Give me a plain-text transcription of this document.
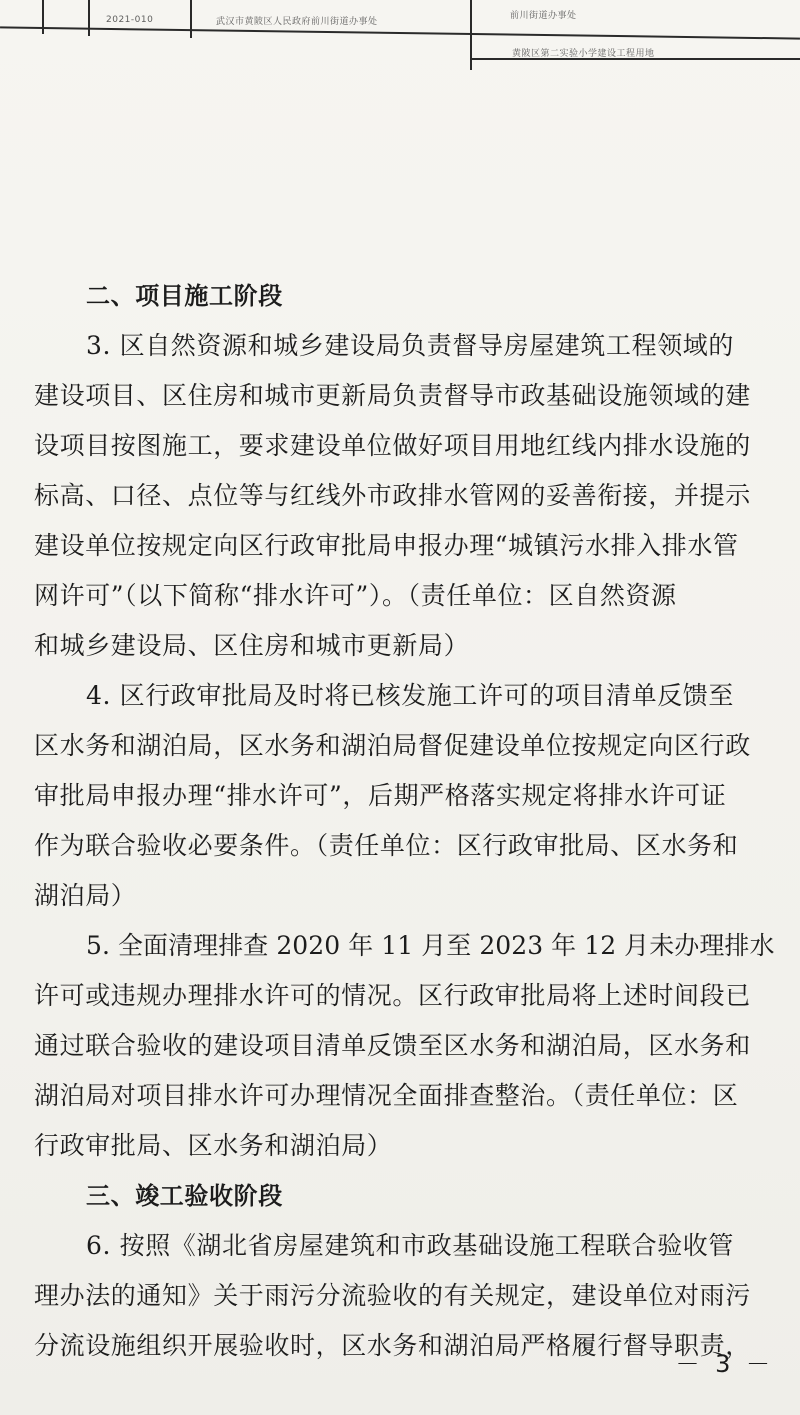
2021-010	武汉市黄陂区人民政府前川街道办事处
前川街道办事处
黄陂区第二实验小学建设工程用地
二、项目施工阶段
3. 区自然资源和城乡建设局负责督导房屋建筑工程领域的
建设项目、区住房和城市更新局负责督导市政基础设施领域的建
设项目按图施工，要求建设单位做好项目用地红线内排水设施的
标高、口径、点位等与红线外市政排水管网的妥善衔接，并提示
建设单位按规定向区行政审批局申报办理“城镇污水排入排水管
网许可”（以下简称“排水许可”）。（责任单位：区自然资源
和城乡建设局、区住房和城市更新局）
4. 区行政审批局及时将已核发施工许可的项目清单反馈至
区水务和湖泊局，区水务和湖泊局督促建设单位按规定向区行政
审批局申报办理“排水许可”，后期严格落实规定将排水许可证
作为联合验收必要条件。（责任单位：区行政审批局、区水务和
湖泊局）
5. 全面清理排查 2020 年 11 月至 2023 年 12 月未办理排水
许可或违规办理排水许可的情况。区行政审批局将上述时间段已
通过联合验收的建设项目清单反馈至区水务和湖泊局，区水务和
湖泊局对项目排水许可办理情况全面排查整治。（责任单位：区
行政审批局、区水务和湖泊局）
三、竣工验收阶段
6. 按照《湖北省房屋建筑和市政基础设施工程联合验收管
理办法的通知》关于雨污分流验收的有关规定，建设单位对雨污
分流设施组织开展验收时，区水务和湖泊局严格履行督导职责，
－ 3 －
